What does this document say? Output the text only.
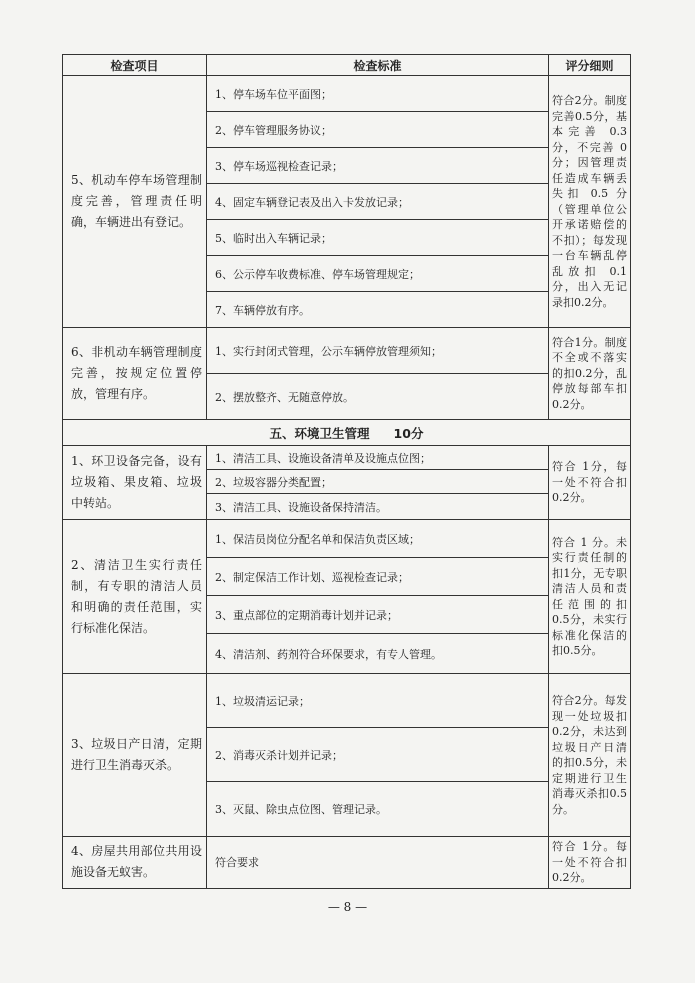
检查项目	检查标准	评分细则
5、机动车停车场管理制度完善，管理责任明确，车辆进出有登记。	1、停车场车位平面图；	符合2分。制度完善0.5分，基本完善 0.3 分，不完善 0 分；因管理责任造成车辆丢失扣 0.5 分（管理单位公开承诺赔偿的不扣）；每发现一台车辆乱停乱放扣 0.1 分，出入无记录扣0.2分。
	2、停车管理服务协议；	
	3、停车场巡视检查记录；	
	4、固定车辆登记表及出入卡发放记录；	
	5、临时出入车辆记录；	
	6、公示停车收费标准、停车场管理规定；	
	7、车辆停放有序。	
6、非机动车辆管理制度完善，按规定位置停放，管理有序。	1、实行封闭式管理，公示车辆停放管理须知；	符合1分。制度不全或不落实的扣0.2分，乱停放每部车扣0.2分。
	2、摆放整齐、无随意停放。	
五、环境卫生管理 10分		
1、环卫设备完备，设有垃圾箱、果皮箱、垃圾中转站。	1、清洁工具、设施设备清单及设施点位图；	符合 1分，每一处不符合扣 0.2分。
	2、垃圾容器分类配置；	
	3、清洁工具、设施设备保持清洁。	
2、清洁卫生实行责任制，有专职的清洁人员和明确的责任范围，实行标准化保洁。	1、保洁员岗位分配名单和保洁负责区域；	符合 1 分。未实行责任制的扣1分，无专职清洁人员和责任范围的扣 0.5分，未实行标准化保洁的扣0.5分。
	2、制定保洁工作计划、巡视检查记录；	
	3、重点部位的定期消毒计划并记录；	
	4、清洁剂、药剂符合环保要求，有专人管理。	
3、垃圾日产日清，定期进行卫生消毒灭杀。	1、垃圾清运记录；	符合2分。每发现一处垃圾扣0.2分，未达到垃圾日产日清的扣0.5分，未定期进行卫生消毒灭杀扣0.5分。
	2、消毒灭杀计划并记录；	
	3、灭鼠、除虫点位图、管理记录。	
4、房屋共用部位共用设施设备无蚁害。	符合要求	符合 1分。每一处不符合扣0.2分。
— 8 —
